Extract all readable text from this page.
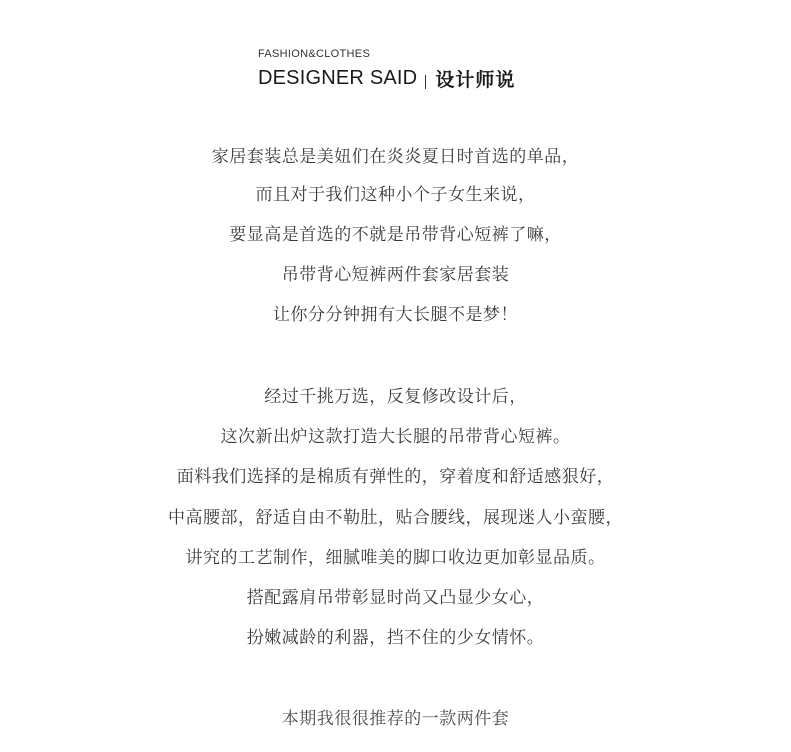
FASHION&CLOTHES
DESIGNER SAID 设计师说
家居套装总是美妞们在炎炎夏日时首选的单品，
而且对于我们这种小个子女生来说，
要显高是首选的不就是吊带背心短裤了嘛，
吊带背心短裤两件套家居套装
让你分分钟拥有大长腿不是梦！
经过千挑万选，反复修改设计后，
这次新出炉这款打造大长腿的吊带背心短裤。
面料我们选择的是棉质有弹性的，穿着度和舒适感狠好，
中高腰部，舒适自由不勒肚，贴合腰线，展现迷人小蛮腰，
讲究的工艺制作，细腻唯美的脚口收边更加彰显品质。
搭配露肩吊带彰显时尚又凸显少女心，
扮嫩减龄的利器，挡不住的少女情怀。
本期我很很推荐的一款两件套
